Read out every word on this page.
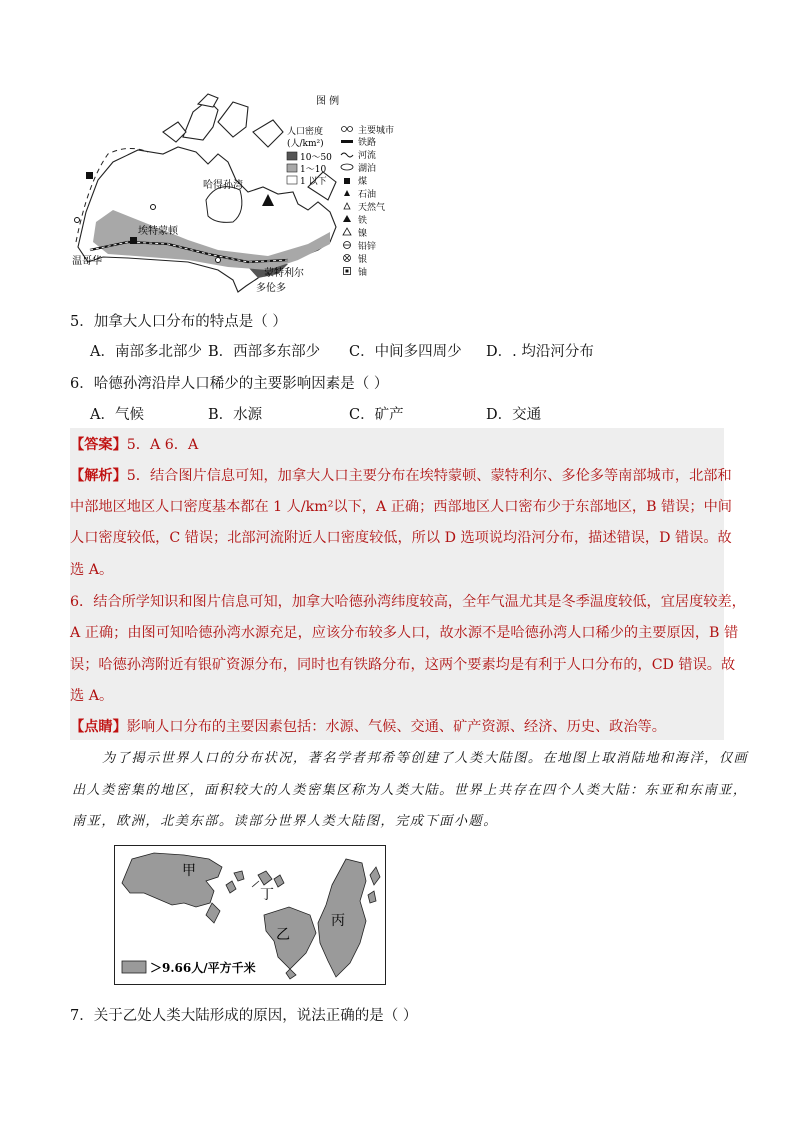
哈得孙湾
埃特蒙顿
温哥华
蒙特利尔
多伦多
图 例
人口密度
(人/km²)
10～50
1～10
1 以下
主要城市
铁路
河流
湖泊
煤
石油
天然气
铁
镍
铅锌
银
铀
5．加拿大人口分布的特点是（ ）
A．南部多北部少 B．西部多东部少 C．中间多四周少 D．. 均沿河分布
6．哈德孙湾沿岸人口稀少的主要影响因素是（ ）
A．气候	B．水源	C．矿产	D．交通
【答案】5．A 6．A
【解析】5．结合图片信息可知，加拿大人口主要分布在埃特蒙顿、蒙特利尔、多伦多等南部城市，北部和
中部地区地区人口密度基本都在 1 人/km²以下，A 正确；西部地区人口密布少于东部地区，B 错误；中间
人口密度较低，C 错误；北部河流附近人口密度较低，所以 D 选项说均沿河分布，描述错误，D 错误。故
选 A。
6．结合所学知识和图片信息可知，加拿大哈德孙湾纬度较高，全年气温尤其是冬季温度较低，宜居度较差，
A 正确；由图可知哈德孙湾水源充足，应该分布较多人口，故水源不是哈德孙湾人口稀少的主要原因，B 错
误；哈德孙湾附近有银矿资源分布，同时也有铁路分布，这两个要素均是有利于人口分布的，CD 错误。故
选 A。
【点睛】影响人口分布的主要因素包括：水源、气候、交通、矿产资源、经济、历史、政治等。
为了揭示世界人口的分布状况，著名学者邦希等创建了人类大陆图。在地图上取消陆地和海洋，仅画
出人类密集的地区，面积较大的人类密集区称为人类大陆。世界上共存在四个人类大陆：东亚和东南亚，
南亚，欧洲，北美东部。读部分世界人类大陆图，完成下面小题。
甲
乙
丙
丁
＞9.66人/平方千米
7．关于乙处人类大陆形成的原因，说法正确的是（ ）
